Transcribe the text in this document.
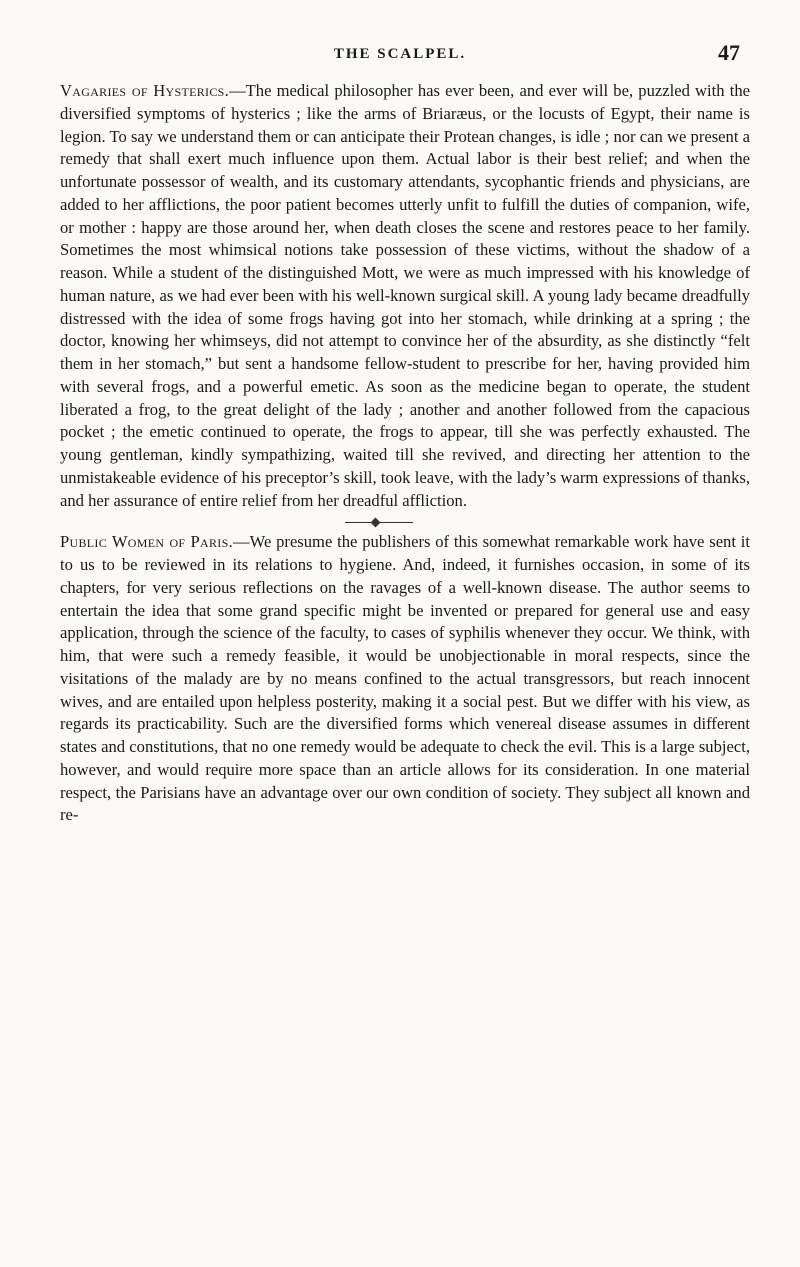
THE SCALPEL.	47

Vagaries of Hysterics.—The medical philosopher has ever been, and ever will be, puzzled with the diversified symptoms of hysterics ; like the arms of Briaræus, or the locusts of Egypt, their name is legion. To say we understand them or can anticipate their Protean changes, is idle ; nor can we present a remedy that shall exert much influence upon them. Actual labor is their best relief; and when the unfortunate possessor of wealth, and its customary attendants, sycophantic friends and physicians, are added to her afflictions, the poor patient becomes utterly unfit to fulfill the duties of companion, wife, or mother : happy are those around her, when death closes the scene and restores peace to her family. Sometimes the most whimsical notions take possession of these victims, without the shadow of a reason. While a student of the distinguished Mott, we were as much impressed with his knowledge of human nature, as we had ever been with his well-known surgical skill. A young lady became dreadfully distressed with the idea of some frogs having got into her stomach, while drinking at a spring ; the doctor, knowing her whimseys, did not attempt to convince her of the absurdity, as she distinctly “felt them in her stomach,” but sent a handsome fellow-student to prescribe for her, having provided him with several frogs, and a powerful emetic. As soon as the medicine began to operate, the student liberated a frog, to the great delight of the lady ; another and another followed from the capacious pocket ; the emetic continued to operate, the frogs to appear, till she was perfectly exhausted. The young gentleman, kindly sympathizing, waited till she revived, and directing her attention to the unmistakeable evidence of his preceptor’s skill, took leave, with the lady’s warm expressions of thanks, and her assurance of entire relief from her dreadful affliction.

Public Women of Paris.—We presume the publishers of this somewhat remarkable work have sent it to us to be reviewed in its relations to hygiene. And, indeed, it furnishes occasion, in some of its chapters, for very serious reflections on the ravages of a well-known disease. The author seems to entertain the idea that some grand specific might be invented or prepared for general use and easy application, through the science of the faculty, to cases of syphilis whenever they occur. We think, with him, that were such a remedy feasible, it would be unobjectionable in moral respects, since the visitations of the malady are by no means confined to the actual transgressors, but reach innocent wives, and are entailed upon helpless posterity, making it a social pest. But we differ with his view, as regards its practicability. Such are the diversified forms which venereal disease assumes in different states and constitutions, that no one remedy would be adequate to check the evil. This is a large subject, however, and would require more space than an article allows for its consideration. In one material respect, the Parisians have an advantage over our own condition of society. They subject all known and re-
